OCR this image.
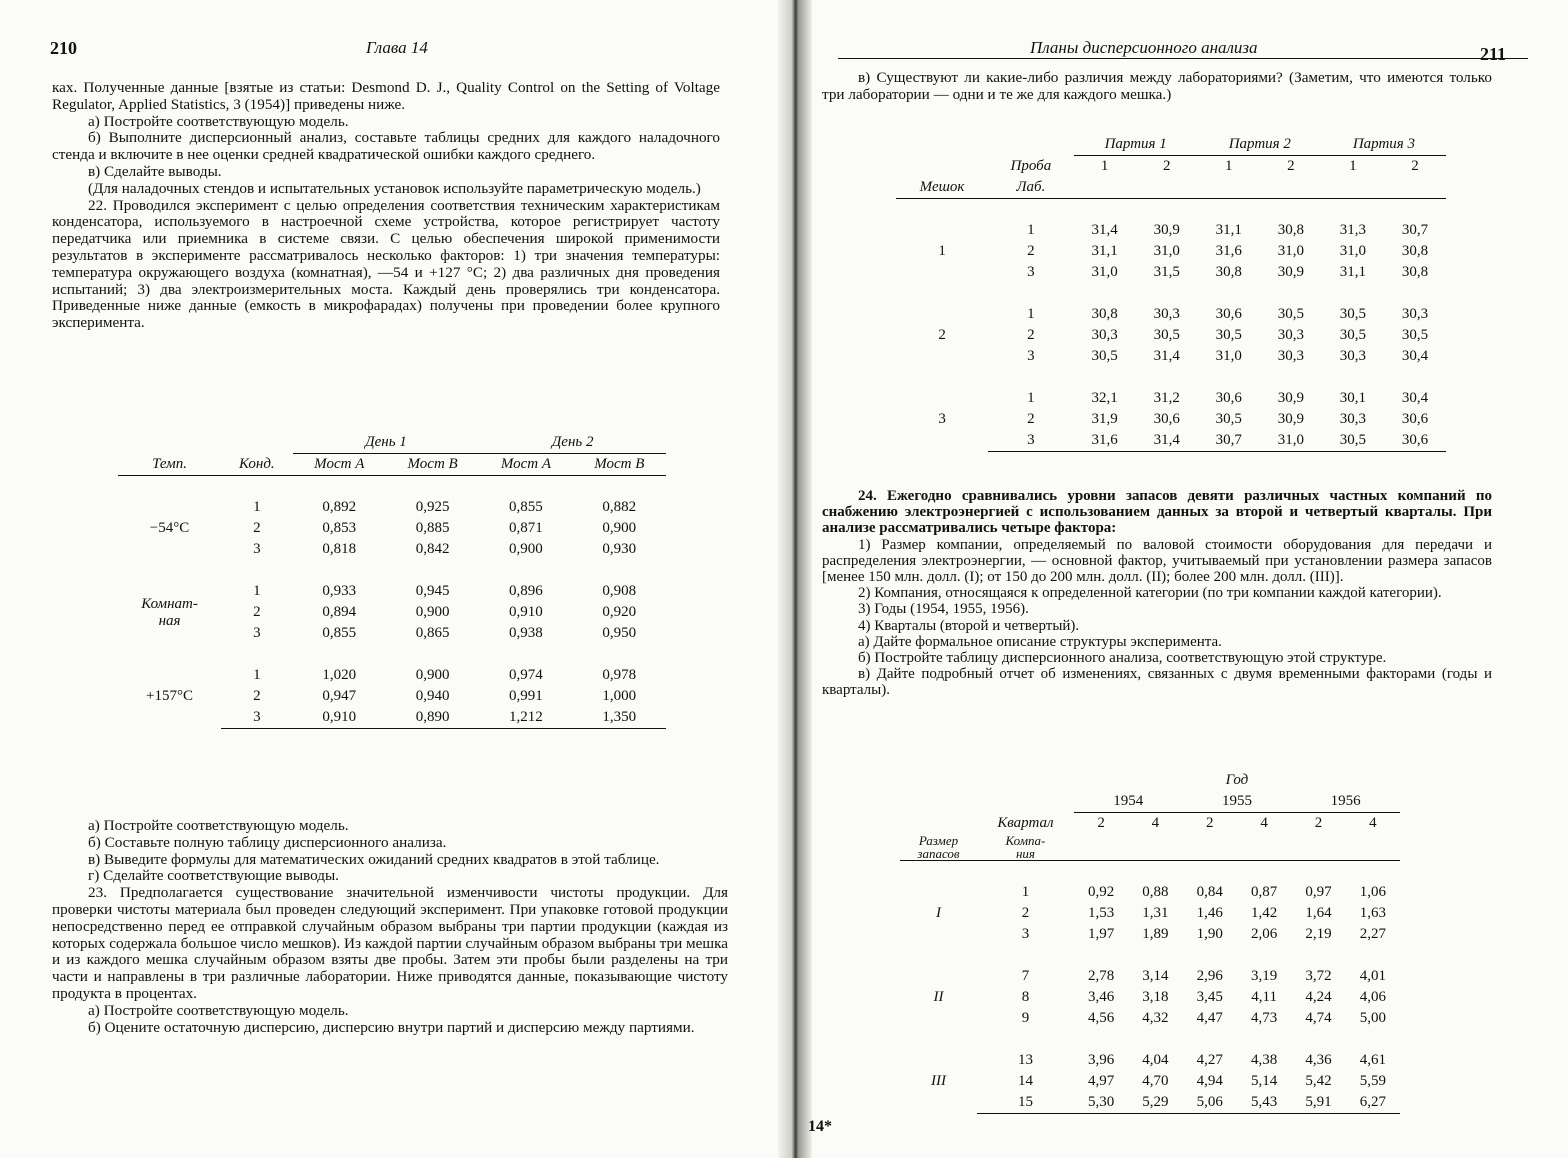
210	Глава 14

ках. Полученные данные [взятые из статьи: Desmond D. J., Quality Control on the Setting of Voltage Regulator, Applied Statistics, 3 (1954)] приведены ниже.

а) Постройте соответствующую модель.

б) Выполните дисперсионный анализ, составьте таблицы средних для каждого наладочного стенда и включите в нее оценки средней квадратической ошибки каждого среднего.

в) Сделайте выводы.

(Для наладочных стендов и испытательных установок используйте параметрическую модель.)

22. Проводился эксперимент с целью определения соответствия техническим характеристикам конденсатора, используемого в настроечной схеме устройства, которое регистрирует частоту передатчика или приемника в системе связи. С целью обеспечения широкой применимости результатов в эксперименте рассматривалось несколько факторов: 1) три значения температуры: температура окружающего воздуха (комнатная), —54 и +127 °С; 2) два различных дня проведения испытаний; 3) два электроизмерительных моста. Каждый день проверялись три конденсатора. Приведенные ниже данные (емкость в микрофарадах) получены при проведении более крупного эксперимента.

		День 1		День 2	
Темп.	Конд.	Мост A	Мост B	Мост A	Мост B

−54°С	1	0,892	0,925	0,855	0,882
	2	0,853	0,885	0,871	0,900
	3	0,818	0,842	0,900	0,930

Комнат-
ная	1	0,933	0,945	0,896	0,908
	2	0,894	0,900	0,910	0,920
	3	0,855	0,865	0,938	0,950

+157°С	1	1,020	0,900	0,974	0,978
	2	0,947	0,940	0,991	1,000
	3	0,910	0,890	1,212	1,350

а) Постройте соответствующую модель.

б) Составьте полную таблицу дисперсионного анализа.

в) Выведите формулы для математических ожиданий средних квадратов в этой таблице.

г) Сделайте соответствующие выводы.

23. Предполагается существование значительной изменчивости чистоты продукции. Для проверки чистоты материала был проведен следующий эксперимент. При упаковке готовой продукции непосредственно перед ее отправкой случайным образом выбраны три партии продукции (каждая из которых содержала большое число мешков). Из каждой партии случайным образом выбраны три мешка и из каждого мешка случайным образом взяты две пробы. Затем эти пробы были разделены на три части и направлены в три различные лаборатории. Ниже приводятся данные, показывающие чистоту продукта в процентах.

а) Постройте соответствующую модель.

б) Оцените остаточную дисперсию, дисперсию внутри партий и дисперсию между партиями.

Планы дисперсионного анализа	211

в) Существуют ли какие-либо различия между лабораториями? (Заметим, что имеются только три лаборатории — одни и те же для каждого мешка.)

		Партия 1		Партия 2		Партия 3	
	Проба	1	2	1	2	1	2
Мешок	Лаб.						

1	1	31,4	30,9	31,1	30,8	31,3	30,7
	2	31,1	31,0	31,6	31,0	31,0	30,8
	3	31,0	31,5	30,8	30,9	31,1	30,8

2	1	30,8	30,3	30,6	30,5	30,5	30,3
	2	30,3	30,5	30,5	30,3	30,5	30,5
	3	30,5	31,4	31,0	30,3	30,3	30,4

3	1	32,1	31,2	30,6	30,9	30,1	30,4
	2	31,9	30,6	30,5	30,9	30,3	30,6
	3	31,6	31,4	30,7	31,0	30,5	30,6

24. Ежегодно сравнивались уровни запасов девяти различных частных компаний по снабжению электроэнергией с использованием данных за второй и четвертый кварталы. При анализе рассматривались четыре фактора:

1) Размер компании, определяемый по валовой стоимости оборудования для передачи и распределения электроэнергии, — основной фактор, учитываемый при установлении размера запасов [менее 150 млн. долл. (I); от 150 до 200 млн. долл. (II); более 200 млн. долл. (III)].

2) Компания, относящаяся к определенной категории (по три компании каждой категории).

3) Годы (1954, 1955, 1956).

4) Кварталы (второй и четвертый).

а) Дайте формальное описание структуры эксперимента.

б) Постройте таблицу дисперсионного анализа, соответствующую этой структуре.

в) Дайте подробный отчет об изменениях, связанных с двумя временными факторами (годы и кварталы).

		Год					
		1954		1955		1956	
	Квартал	2	4	2	4	2	4
Размер
запасов	Компа-
ния						

I	1	0,92	0,88	0,84	0,87	0,97	1,06
	2	1,53	1,31	1,46	1,42	1,64	1,63
	3	1,97	1,89	1,90	2,06	2,19	2,27

II	7	2,78	3,14	2,96	3,19	3,72	4,01
	8	3,46	3,18	3,45	4,11	4,24	4,06
	9	4,56	4,32	4,47	4,73	4,74	5,00

III	13	3,96	4,04	4,27	4,38	4,36	4,61
	14	4,97	4,70	4,94	5,14	5,42	5,59
	15	5,30	5,29	5,06	5,43	5,91	6,27
14*
